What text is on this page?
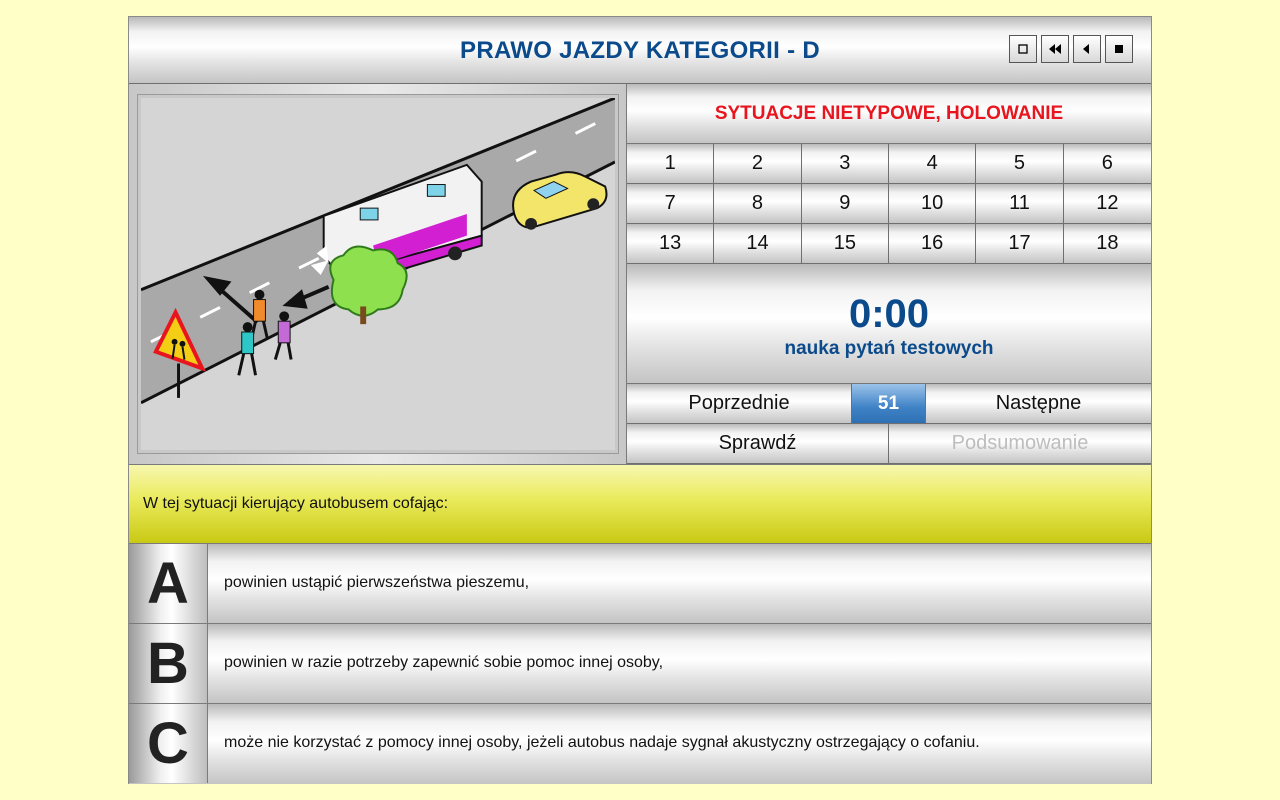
PRAWO JAZDY KATEGORII - D
SYTUACJE NIETYPOWE, HOLOWANIE
1	2	3	4	5	6
7	8	9	10	11	12
13	14	15	16	17	18
0:00
nauka pytań testowych
Poprzednie	51	Następne
Sprawdź	Podsumowanie
W tej sytuacji kierujący autobusem cofając:
A	powinien ustąpić pierwszeństwa pieszemu,
B	powinien w razie potrzeby zapewnić sobie pomoc innej osoby,
C	może nie korzystać z pomocy innej osoby, jeżeli autobus nadaje sygnał akustyczny ostrzegający o cofaniu.
